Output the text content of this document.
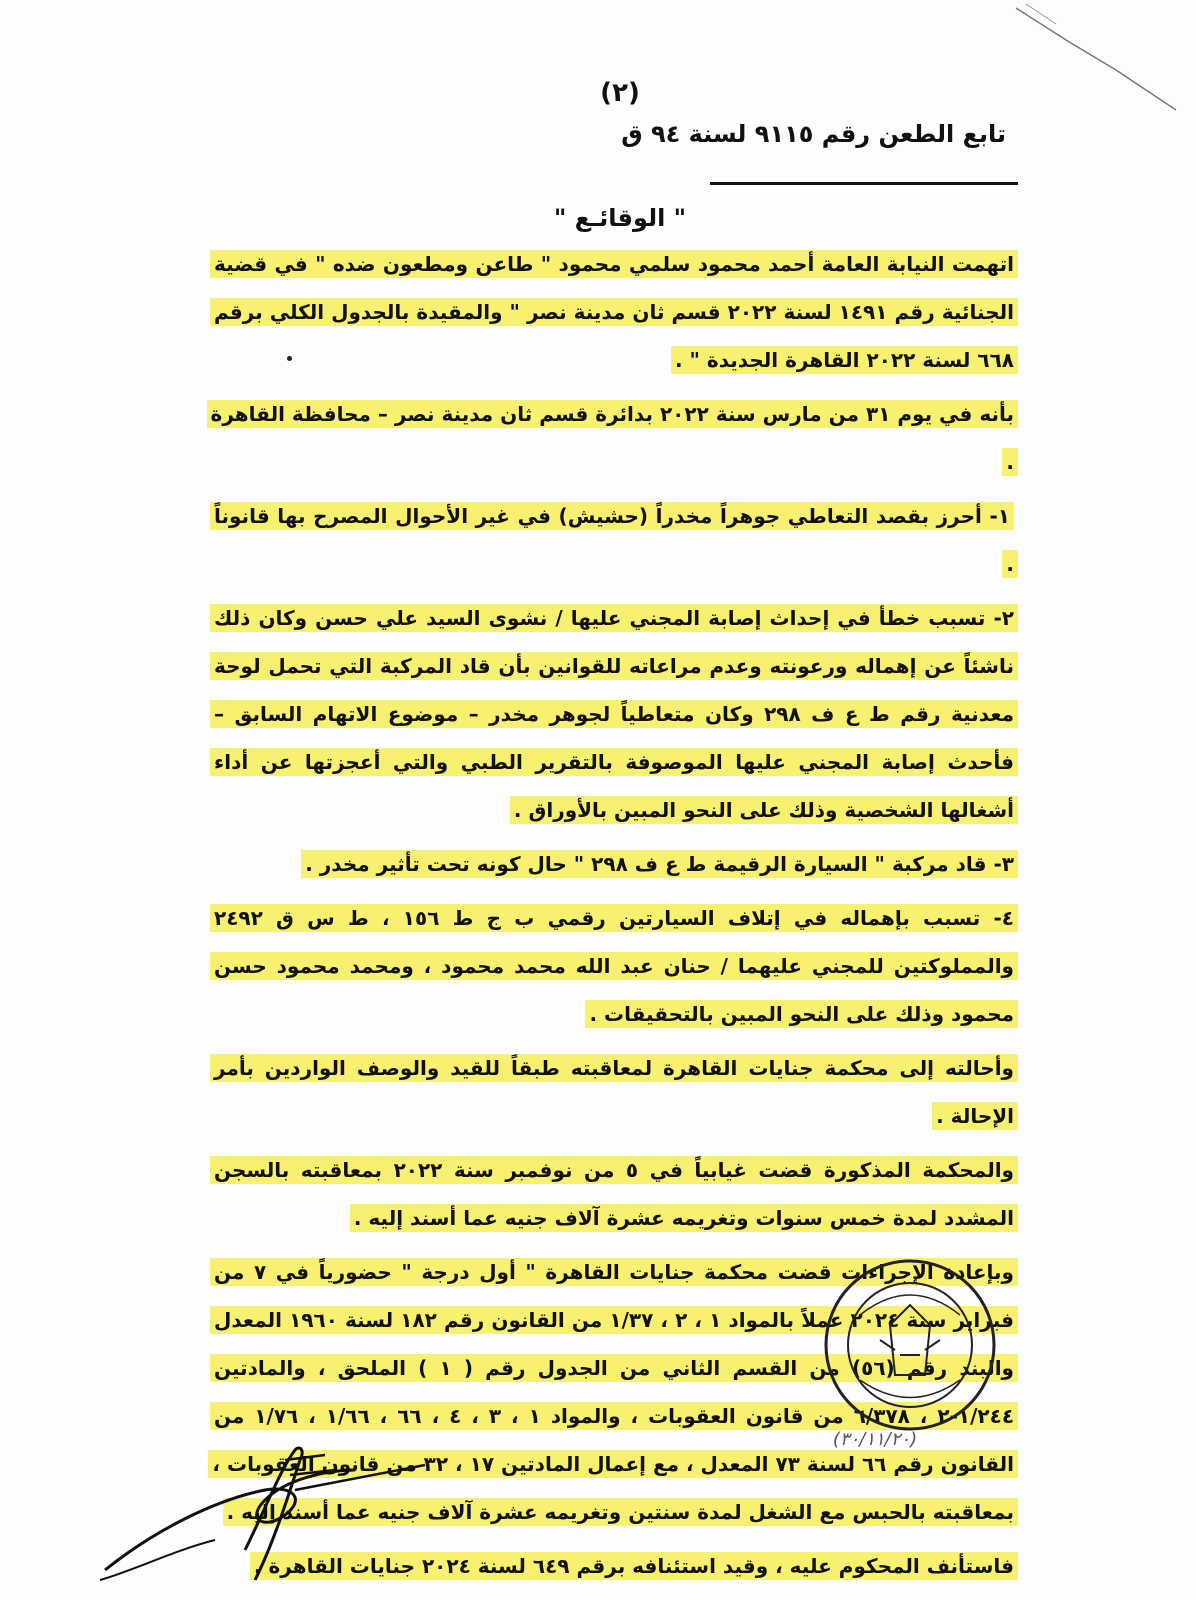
(٢)
تابع الطعن رقم ٩١١٥ لسنة ٩٤ ق
" الوقائـع "

اتهمت النيابة العامة أحمد محمود سلمي محمود " طاعن ومطعون ضده " في قضية الجنائية رقم ١٤٩١ لسنة ٢٠٢٢ قسم ثان مدينة نصر " والمقيدة بالجدول الكلي برقم ٦٦٨ لسنة ٢٠٢٢ القاهرة الجديدة " .

بأنه في يوم ٣١ من مارس سنة ٢٠٢٢ بدائرة قسم ثان مدينة نصر – محافظة القاهرة .

١- أحرز بقصد التعاطي جوهراً مخدراً (حشيش) في غير الأحوال المصرح بها قانوناً .

٢- تسبب خطأ في إحداث إصابة المجني عليها / نشوى السيد علي حسن وكان ذلك ناشئاً عن إهماله ورعونته وعدم مراعاته للقوانين بأن قاد المركبة التي تحمل لوحة معدنية رقم ط ع ف ٢٩٨ وكان متعاطياً لجوهر مخدر – موضوع الاتهام السابق – فأحدث إصابة المجني عليها الموصوفة بالتقرير الطبي والتي أعجزتها عن أداء أشغالها الشخصية وذلك على النحو المبين بالأوراق .

٣- قاد مركبة " السيارة الرقيمة ط ع ف ٢٩٨ " حال كونه تحت تأثير مخدر .

٤- تسبب بإهماله في إتلاف السيارتين رقمي ب ج ط ١٥٦ ، ط س ق ٢٤٩٢ والمملوكتين للمجني عليهما / حنان عبد الله محمد محمود ، ومحمد محمود حسن محمود وذلك على النحو المبين بالتحقيقات .

وأحالته إلى محكمة جنايات القاهرة لمعاقبته طبقاً للقيد والوصف الواردين بأمر الإحالة .

والمحكمة المذكورة قضت غيابياً في ٥ من نوفمبر سنة ٢٠٢٢ بمعاقبته بالسجن المشدد لمدة خمس سنوات وتغريمه عشرة آلاف جنيه عما أسند إليه .

وبإعادة الإجراءات قضت محكمة جنايات القاهرة " أول درجة " حضورياً في ٧ من فبراير سنة ٢٠٢٤ عملاً بالمواد ١ ، ٢ ، ١/٣٧ من القانون رقم ١٨٢ لسنة ١٩٦٠ المعدل والبند رقم (٥٦) من القسم الثاني من الجدول رقم ( ١ ) الملحق ، والمادتين ١/٢٤٤-٢ ، ٦/٣٧٨ من قانون العقوبات ، والمواد ١ ، ٣ ، ٤ ، ٦٦ ، ١/٦٦ ، ١/٧٦ من القانون رقم ٦٦ لسنة ٧٣ المعدل ، مع إعمال المادتين ١٧ ، ٣٢ من قانون العقوبات ، بمعاقبته بالحبس مع الشغل لمدة سنتين وتغريمه عشرة آلاف جنيه عما أسند إليه .

فاستأنف المحكوم عليه ، وقيد استئنافه برقم ٦٤٩ لسنة ٢٠٢٤ جنايات القاهرة .

(٣٠/١١/٢٠)
